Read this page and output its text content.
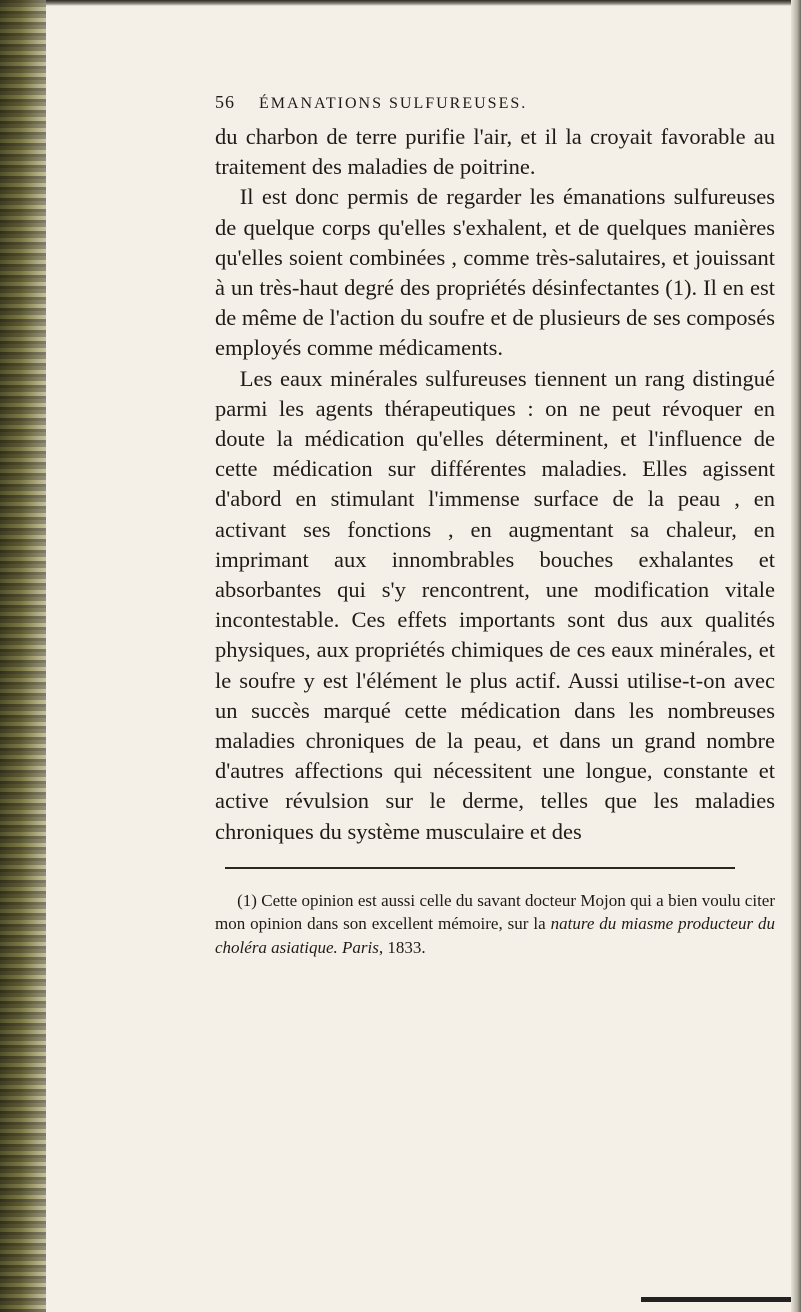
56	ÉMANATIONS SULFUREUSES.

du charbon de terre purifie l'air, et il la croyait favorable au traitement des maladies de poitrine.

Il est donc permis de regarder les émanations sulfureuses de quelque corps qu'elles s'exhalent, et de quelques manières qu'elles soient combinées , comme très-salutaires, et jouissant à un très-haut degré des propriétés désinfectantes (1). Il en est de même de l'action du soufre et de plusieurs de ses composés employés comme médicaments.

Les eaux minérales sulfureuses tiennent un rang distingué parmi les agents thérapeutiques : on ne peut révoquer en doute la médication qu'elles déterminent, et l'influence de cette médication sur différentes maladies. Elles agissent d'abord en stimulant l'immense surface de la peau , en activant ses fonctions , en augmentant sa chaleur, en imprimant aux innombrables bouches exhalantes et absorbantes qui s'y rencontrent, une modification vitale incontestable. Ces effets importants sont dus aux qualités physiques, aux propriétés chimiques de ces eaux minérales, et le soufre y est l'élément le plus actif. Aussi utilise-t-on avec un succès marqué cette médication dans les nombreuses maladies chroniques de la peau, et dans un grand nombre d'autres affections qui nécessitent une longue, constante et active révulsion sur le derme, telles que les maladies chroniques du système musculaire et des

(1) Cette opinion est aussi celle du savant docteur Mojon qui a bien voulu citer mon opinion dans son excellent mémoire, sur la nature du miasme producteur du choléra asiatique. Paris, 1833.
